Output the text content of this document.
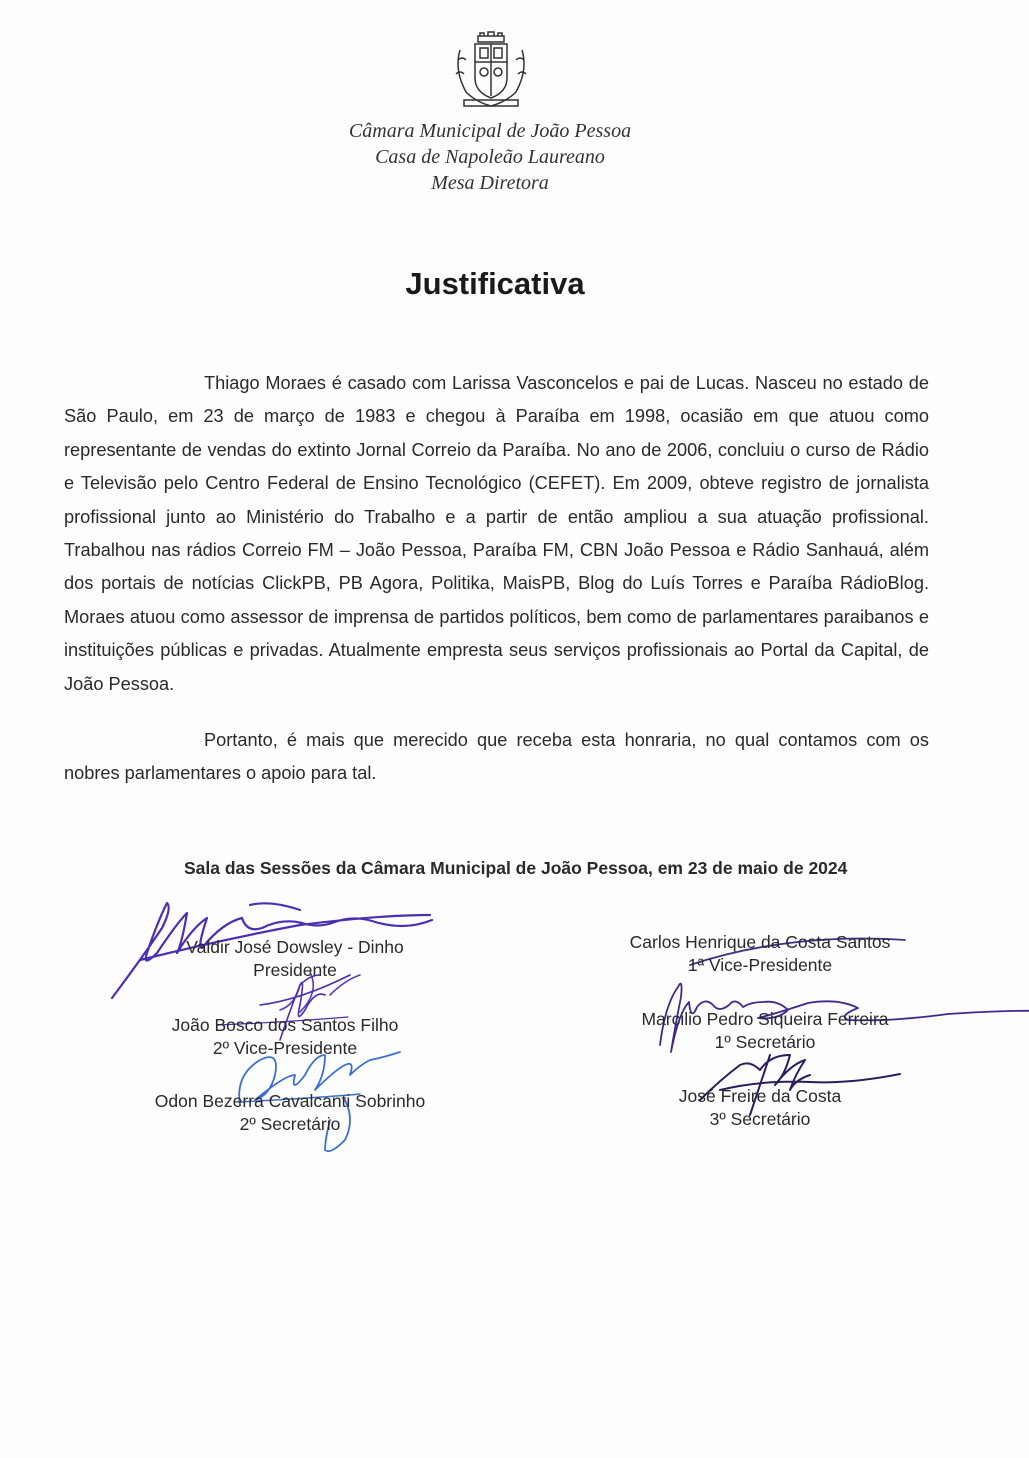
Câmara Municipal de João Pessoa
Casa de Napoleão Laureano
Mesa Diretora
Justificativa

Thiago Moraes é casado com Larissa Vasconcelos e pai de Lucas. Nasceu no estado de São Paulo, em 23 de março de 1983 e chegou à Paraíba em 1998, ocasião em que atuou como representante de vendas do extinto Jornal Correio da Paraíba. No ano de 2006, concluiu o curso de Rádio e Televisão pelo Centro Federal de Ensino Tecnológico (CEFET). Em 2009, obteve registro de jornalista profissional junto ao Ministério do Trabalho e a partir de então ampliou a sua atuação profissional. Trabalhou nas rádios Correio FM – João Pessoa, Paraíba FM, CBN João Pessoa e Rádio Sanhauá, além dos portais de notícias ClickPB, PB Agora, Politika, MaisPB, Blog do Luís Torres e Paraíba RádioBlog. Moraes atuou como assessor de imprensa de partidos políticos, bem como de parlamentares paraibanos e instituições públicas e privadas. Atualmente empresta seus serviços profissionais ao Portal da Capital, de João Pessoa.

Portanto, é mais que merecido que receba esta honraria, no qual contamos com os nobres parlamentares o apoio para tal.

Sala das Sessões da Câmara Municipal de João Pessoa, em 23 de maio de 2024
Valdir José Dowsley - Dinho
Presidente
Carlos Henrique da Costa Santos
1ª Vice-Presidente
João Bosco dos Santos Filho
2º Vice-Presidente
Marcilio Pedro Siqueira Ferreira
1º Secretário
Odon Bezerra Cavalcanti Sobrinho
2º Secretário
José Freire da Costa
3º Secretário
